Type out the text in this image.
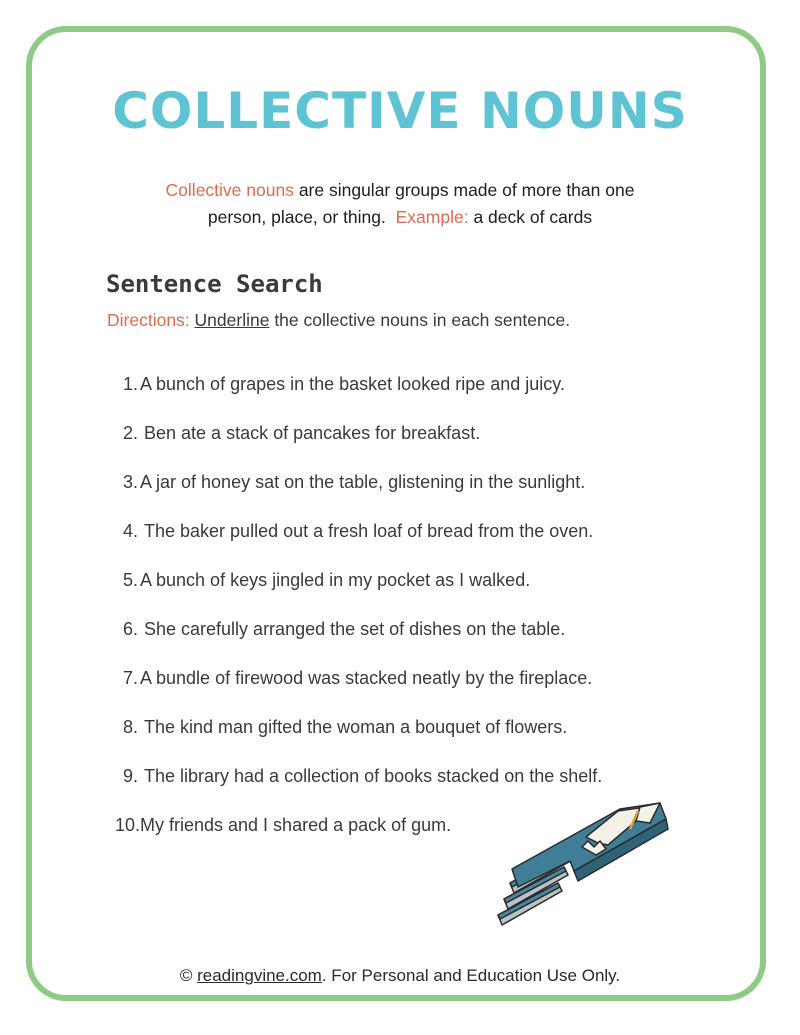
COLLECTIVE NOUNS
Collective nouns are singular groups made of more than one
person, place, or thing. Example: a deck of cards
Sentence Search
Directions: Underline the collective nouns in each sentence.
1. A bunch of grapes in the basket looked ripe and juicy.
2. Ben ate a stack of pancakes for breakfast.
3. A jar of honey sat on the table, glistening in the sunlight.
4. The baker pulled out a fresh loaf of bread from the oven.
5. A bunch of keys jingled in my pocket as I walked.
6. She carefully arranged the set of dishes on the table.
7. A bundle of firewood was stacked neatly by the fireplace.
8. The kind man gifted the woman a bouquet of flowers.
9. The library had a collection of books stacked on the shelf.
10. My friends and I shared a pack of gum.
© readingvine.com. For Personal and Education Use Only.
